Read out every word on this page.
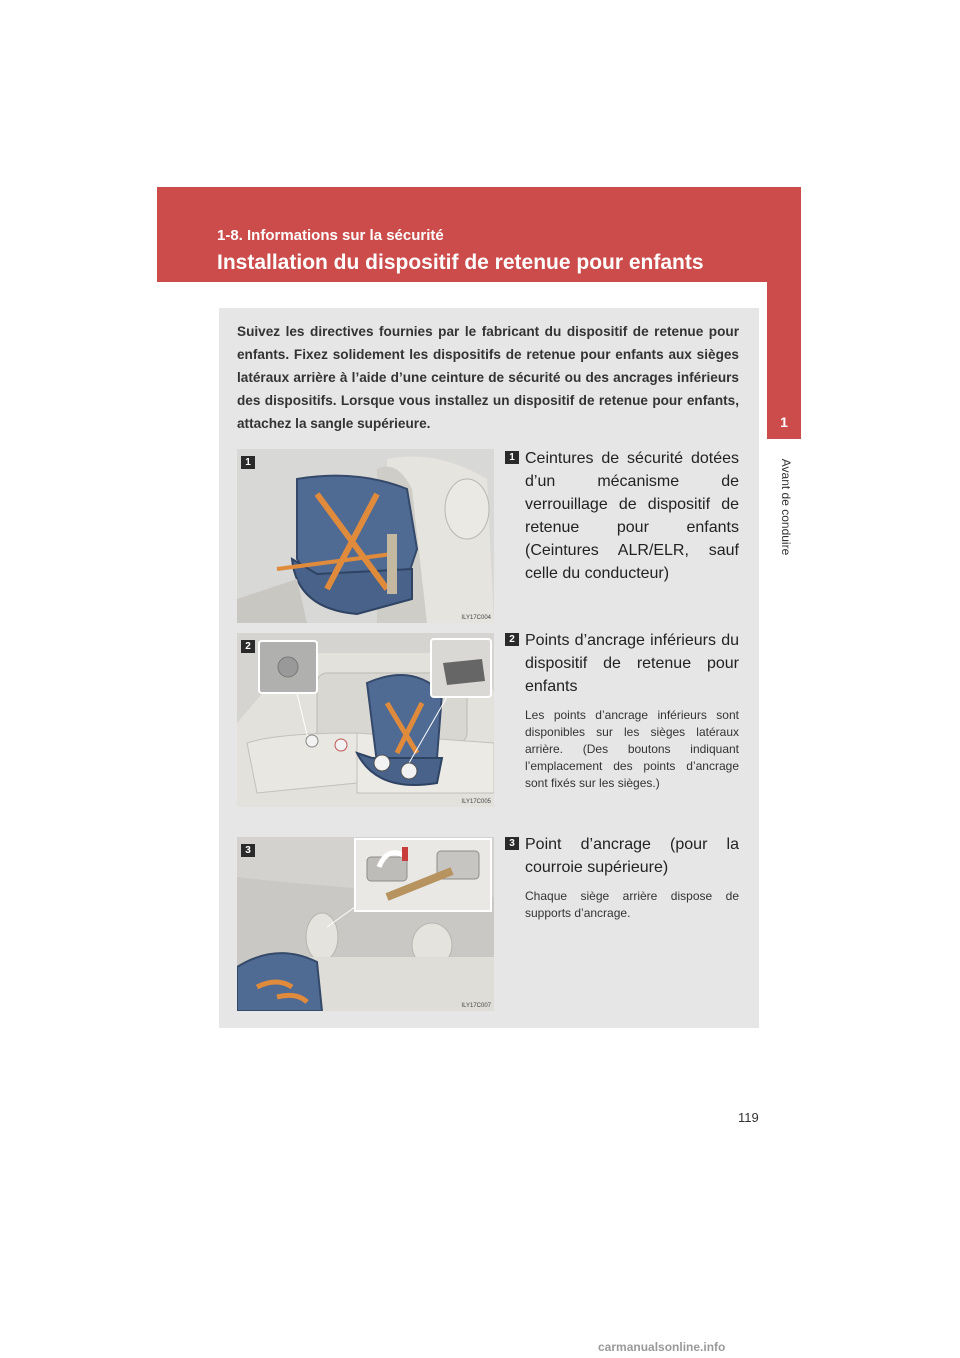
1-8. Informations sur la sécurité
Installation du dispositif de retenue pour enfants
1
Avant de conduire
Suivez les directives fournies par le fabricant du dispositif de retenue pour enfants. Fixez solidement les dispositifs de retenue pour enfants aux sièges latéraux arrière à l’aide d’une ceinture de sécurité ou des ancrages inférieurs des dispositifs. Lorsque vous installez un dispositif de retenue pour enfants, attachez la sangle supérieure.
1
ILY17C004
2
ILY17C005
3
ILY17C007
1 Ceintures de sécurité dotées d’un mécanisme de verrouillage de dispositif de retenue pour enfants (Ceintures ALR/ELR, sauf celle du conducteur)
2 Points d’ancrage inférieurs du dispositif de retenue pour enfants
Les points d’ancrage inférieurs sont disponibles sur les sièges latéraux arrière. (Des boutons indiquant l’emplacement des points d’ancrage sont fixés sur les sièges.)
3 Point d’ancrage (pour la courroie supérieure)
Chaque siège arrière dispose de supports d’ancrage.
119
carmanualsonline.info
